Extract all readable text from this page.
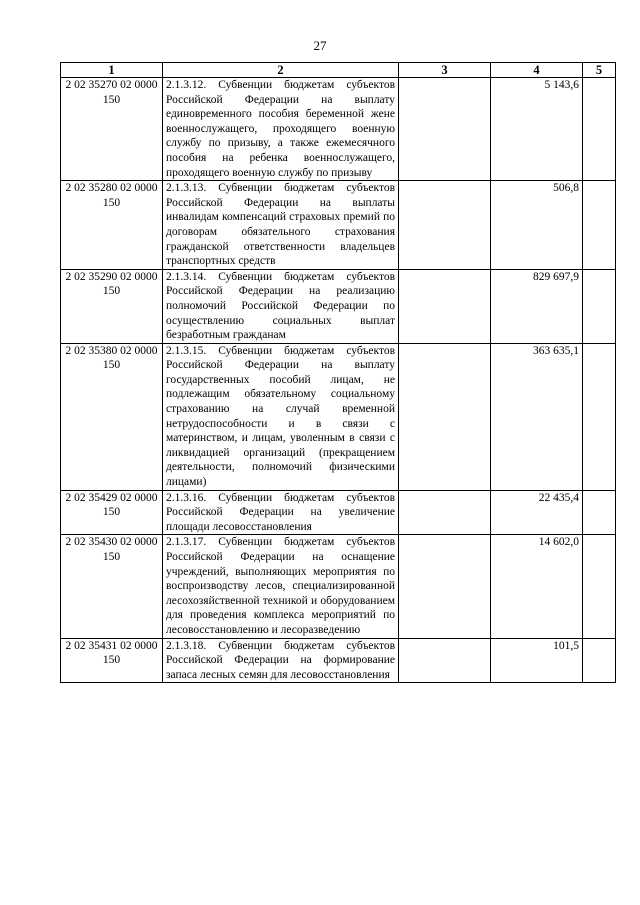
27
1	2	3	4	5
2 02 35270 02 0000 150	2.1.3.12. Субвенции бюджетам субъектов Российской Федерации на выплату единовременного пособия беременной жене военнослужащего, проходящего военную службу по призыву, а также ежемесячного пособия на ребенка военнослужащего, проходящего военную службу по призыву		5 143,6	
2 02 35280 02 0000 150	2.1.3.13. Субвенции бюджетам субъектов Российской Федерации на выплаты инвалидам компенсаций страховых премий по договорам обязательного страхования гражданской ответственности владельцев транспортных средств		506,8	
2 02 35290 02 0000 150	2.1.3.14. Субвенции бюджетам субъектов Российской Федерации на реализацию полномочий Российской Федерации по осуществлению социальных выплат безработным гражданам		829 697,9	
2 02 35380 02 0000 150	2.1.3.15. Субвенции бюджетам субъектов Российской Федерации на выплату государственных пособий лицам, не подлежащим обязательному социальному страхованию на случай временной нетрудоспособности и в связи с материнством, и лицам, уволенным в связи с ликвидацией организаций (прекращением деятельности, полномочий физическими лицами)		363 635,1	
2 02 35429 02 0000 150	2.1.3.16. Субвенции бюджетам субъектов Российской Федерации на увеличение площади лесовосстановления		22 435,4	
2 02 35430 02 0000 150	2.1.3.17. Субвенции бюджетам субъектов Российской Федерации на оснащение учреждений, выполняющих мероприятия по воспроизводству лесов, специализированной лесохозяйственной техникой и оборудованием для проведения комплекса мероприятий по лесовосстановлению и лесоразведению		14 602,0	
2 02 35431 02 0000 150	2.1.3.18. Субвенции бюджетам субъектов Российской Федерации на формирование запаса лесных семян для лесовосстановления		101,5	
